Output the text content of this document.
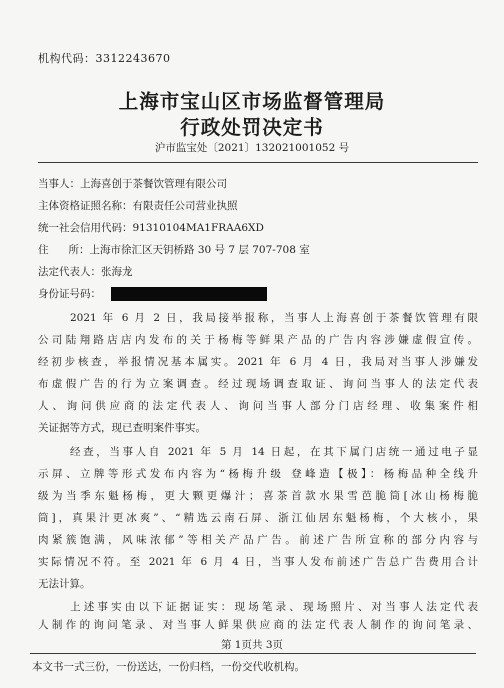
机构代码：3312243670
上海市宝山区市场监督管理局
行政处罚决定书
沪市监宝处〔2021〕132021001052 号
当事人：上海喜创于茶餐饮管理有限公司
主体资格证照名称：有限责任公司营业执照
统一社会信用代码：91310104MA1FRAA6XD
住      所：上海市徐汇区天钥桥路 30 号 7 层 707-708 室
法定代表人：张海龙
身份证号码：
2021 年 6 月 2 日，我局接举报称，当事人上海喜创于茶餐饮管理有限
公司陆翔路店店内发布的关于杨梅等鲜果产品的广告内容涉嫌虚假宣传。
经初步核查，举报情况基本属实。2021 年 6 月 4 日，我局对当事人涉嫌发
布虚假广告的行为立案调查。经过现场调查取证、询问当事人的法定代表
人、询问供应商的法定代表人、询问当事人部分门店经理、收集案件相
关证据等方式，现已查明案件事实。
经查，当事人自 2021 年 5 月 14 日起，在其下属门店统一通过电子显
示屏、立牌等形式发布内容为“杨梅升级 登峰造【极】：杨梅品种全线升
级为当季东魁杨梅，更大颗更爆汁；喜茶首款水果雪芭脆筒[冰山杨梅脆
筒]，真果汁更冰爽”、“精选云南石屏、浙江仙居东魁杨梅，个大核小，果
肉紧簇饱满，风味浓郁”等相关产品广告。前述广告所宣称的部分内容与
实际情况不符。至 2021 年 6 月 4 日，当事人发布前述广告总广告费用合计
无法计算。
上述事实由以下证据证实：现场笔录、现场照片、对当事人法定代表
人制作的询问笔录、对当事人鲜果供应商的法定代表人制作的询问笔录、
第 1页共 3页
本文书一式三份，一份送达，一份归档，一份交代收机构。
